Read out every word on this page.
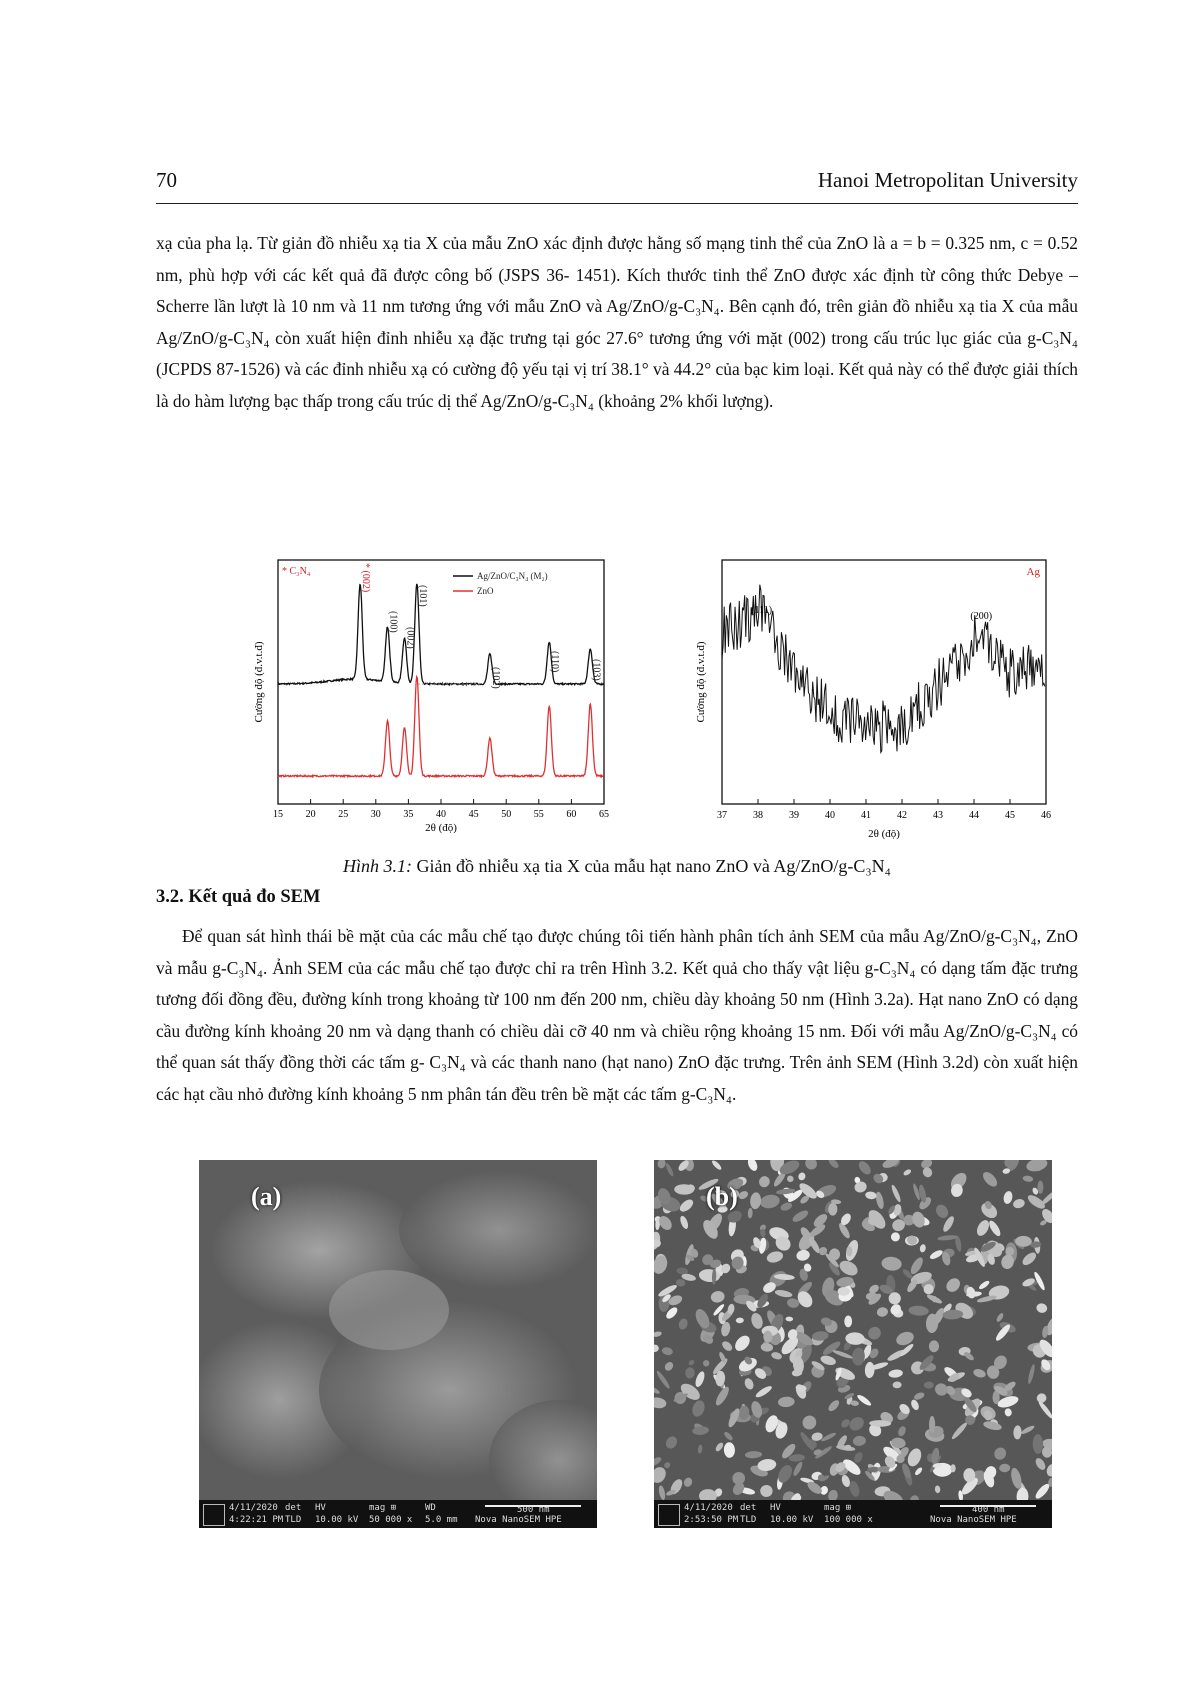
70	Hanoi Metropolitan University

xạ của pha lạ. Từ giản đồ nhiễu xạ tia X của mẫu ZnO xác định được hằng số mạng tinh thể của ZnO là a = b = 0.325 nm, c = 0.52 nm, phù hợp với các kết quả đã được công bố (JSPS 36- 1451). Kích thước tinh thể ZnO được xác định từ công thức Debye – Scherre lần lượt là 10 nm và 11 nm tương ứng với mẫu ZnO và Ag/ZnO/g-C₃N₄. Bên cạnh đó, trên giản đồ nhiễu xạ tia X của mẫu Ag/ZnO/g-C₃N₄ còn xuất hiện đỉnh nhiễu xạ đặc trưng tại góc 27.6° tương ứng với mặt (002) trong cấu trúc lục giác của g-C₃N₄ (JCPDS 87-1526) và các đỉnh nhiễu xạ có cường độ yếu tại vị trí 38.1° và 44.2° của bạc kim loại. Kết quả này có thể được giải thích là do hàm lượng bạc thấp trong cấu trúc dị thể Ag/ZnO/g-C₃N₄ (khoảng 2% khối lượng).

15 20 25 30 35 40 45 50 55 60 65
* (002)
(100)
(002)
(101)
(102)
(110)	(103)
* C₃N₄	Ag/ZnO/C₃N₄ (M₂)
ZnO
2θ (độ)
Cường độ (đ.v.t.đ)
37	38	39	40	41	42	43	44	45	46
(111)
(200)
Ag
2θ (độ)
Cường độ (đ.v.t.đ)
Hình 3.1: Giản đồ nhiễu xạ tia X của mẫu hạt nano ZnO và Ag/ZnO/g-C₃N₄
3.2. Kết quả đo SEM

Để quan sát hình thái bề mặt của các mẫu chế tạo được chúng tôi tiến hành phân tích ảnh SEM của mẫu Ag/ZnO/g-C₃N₄, ZnO và mẫu g-C₃N₄. Ảnh SEM của các mẫu chế tạo được chỉ ra trên Hình 3.2. Kết quả cho thấy vật liệu g-C₃N₄ có dạng tấm đặc trưng tương đối đồng đều, đường kính trong khoảng từ 100 nm đến 200 nm, chiều dày khoảng 50 nm (Hình 3.2a). Hạt nano ZnO có dạng cầu đường kính khoảng 20 nm và dạng thanh có chiều dài cỡ 40 nm và chiều rộng khoảng 15 nm. Đối với mẫu Ag/ZnO/g-C₃N₄ có thể quan sát thấy đồng thời các tấm g- C₃N₄ và các thanh nano (hạt nano) ZnO đặc trưng. Trên ảnh SEM (Hình 3.2d) còn xuất hiện các hạt cầu nhỏ đường kính khoảng 5 nm phân tán đều trên bề mặt các tấm g-C₃N₄.

(a)
4/11/2020
4:22:21 PM
det
TLD
HV
10.00 kV
mag ⊞
50 000 x
WD
5.0 mm
500 nm
Nova NanoSEM HPE
(b)
4/11/2020
2:53:50 PM
det
TLD
HV
10.00 kV
mag ⊞
100 000 x
400 nm
Nova NanoSEM HPE
